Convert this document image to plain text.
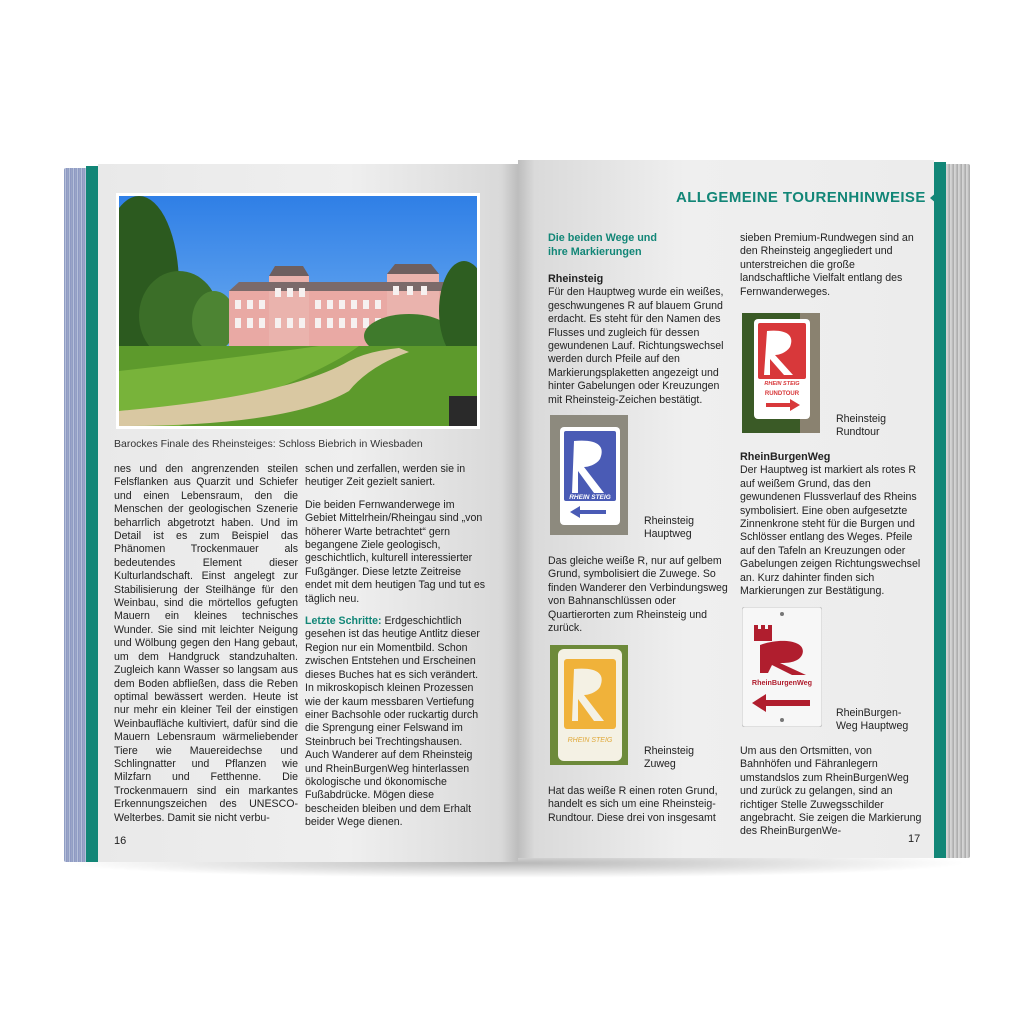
Barockes Finale des Rheinsteiges: Schloss Biebrich in Wiesbaden

nes und den angrenzenden steilen Felsflanken aus Quarzit und Schiefer und einen Lebensraum, den die Menschen der geologischen Szenerie beharrlich abgetrotzt haben. Und im Detail ist es zum Beispiel das Phänomen Trockenmauer als bedeutendes Element dieser Kulturlandschaft. Einst angelegt zur Stabilisierung der Steilhänge für den Weinbau, sind die mörtellos gefugten Mauern ein kleines technisches Wunder. Sie sind mit leichter Neigung und Wölbung gegen den Hang gebaut, um dem Handgruck standzuhalten. Zugleich kann Wasser so langsam aus dem Boden abfließen, dass die Reben optimal bewässert werden. Heute ist nur mehr ein kleiner Teil der einstigen Weinbaufläche kultiviert, dafür sind die Mauern Lebensraum wärmeliebender Tiere wie Mauereidechse und Schlingnatter und Pflanzen wie Milzfarn und Fetthenne. Die Trockenmauern sind ein markantes Erkennungszeichen des UNESCO-Welterbes. Damit sie nicht verbu-

schen und zerfallen, werden sie in heutiger Zeit gezielt saniert.

Die beiden Fernwanderwege im Gebiet Mittelrhein/Rheingau sind „von höherer Warte betrachtet“ gern begangene Ziele geologisch, geschichtlich, kulturell interessierter Fußgänger. Diese letzte Zeitreise endet mit dem heutigen Tag und tut es täglich neu.

Letzte Schritte: Erdgeschichtlich gesehen ist das heutige Antlitz dieser Region nur ein Momentbild. Schon zwischen Entstehen und Erscheinen dieses Buches hat es sich verändert. In mikroskopisch kleinen Prozessen wie der kaum messbaren Vertiefung einer Bachsohle oder ruckartig durch die Sprengung einer Felswand im Steinbruch bei Trechtingshausen. Auch Wanderer auf dem Rheinsteig und RheinBurgenWeg hinterlassen ökologische und ökonomische Fußabdrücke. Mögen diese bescheiden bleiben und dem Erhalt beider Wege dienen.

16
ALLGEMEINE TOURENHINWEISE
Die beiden Wege und ihre Markierungen
Rheinsteig

Für den Hauptweg wurde ein weißes, geschwungenes R auf blauem Grund erdacht. Es steht für den Namen des Flusses und zugleich für dessen gewundenen Lauf. Richtungswechsel werden durch Pfeile auf den Markierungsplaketten angezeigt und hinter Gabelungen oder Kreuzungen mit Rheinsteig-Zeichen bestätigt.

RHEIN STEIG
Rheinsteig
Hauptweg

Das gleiche weiße R, nur auf gelbem Grund, symbolisiert die Zuwege. So finden Wanderer den Verbindungsweg von Bahnanschlüssen oder Quartierorten zum Rheinsteig und zurück.

RHEIN STEIG
Rheinsteig
Zuweg

Hat das weiße R einen roten Grund, handelt es sich um eine Rheinsteig-Rundtour. Diese drei von insgesamt

sieben Premium-Rundwegen sind an den Rheinsteig angegliedert und unterstreichen die große landschaftliche Vielfalt entlang des Fernwanderweges.

RHEIN STEIG
RUNDTOUR
Rheinsteig
Rundtour
RheinBurgenWeg

Der Hauptweg ist markiert als rotes R auf weißem Grund, das den gewundenen Flussverlauf des Rheins symbolisiert. Eine oben aufgesetzte Zinnenkrone steht für die Burgen und Schlösser entlang des Weges. Pfeile auf den Tafeln an Kreuzungen oder Gabelungen zeigen Richtungswechsel an. Kurz dahinter finden sich Markierungen zur Bestätigung.

RheinBurgenWeg
RheinBurgen-
Weg Hauptweg

Um aus den Ortsmitten, von Bahnhöfen und Fähranlegern umstandslos zum RheinBurgenWeg und zurück zu gelangen, sind an richtiger Stelle Zuwegsschilder angebracht. Sie zeigen die Markierung des RheinBurgenWe-

17
